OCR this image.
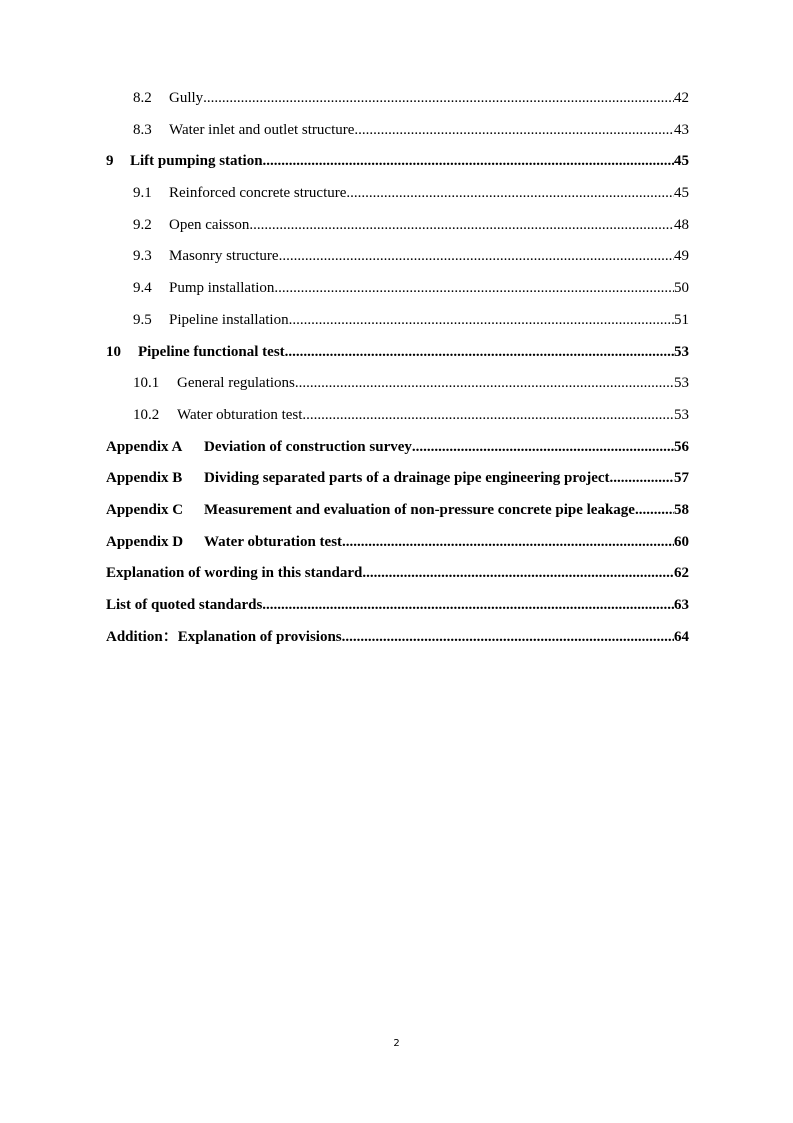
8.2	Gully .....	42
8.3	Water inlet and outlet structure .....	43
9	Lift pumping station .....	45
9.1	Reinforced concrete structure .....	45
9.2	Open caisson .....	48
9.3	Masonry structure .....	49
9.4	Pump installation .....	50
9.5	Pipeline installation .....	51
10	Pipeline functional test .....	53
10.1	General regulations .....	53
10.2	Water obturation test .....	53
Appendix A	Deviation of construction survey .....	56
Appendix B	Dividing separated parts of a drainage pipe engineering project .....	57
Appendix C	Measurement and evaluation of non-pressure concrete pipe leakage .....	58
Appendix D	Water obturation test .....	60
Explanation of wording in this standard .....	62
List of quoted standards .....	63
Addition：Explanation of provisions .....	64
2
